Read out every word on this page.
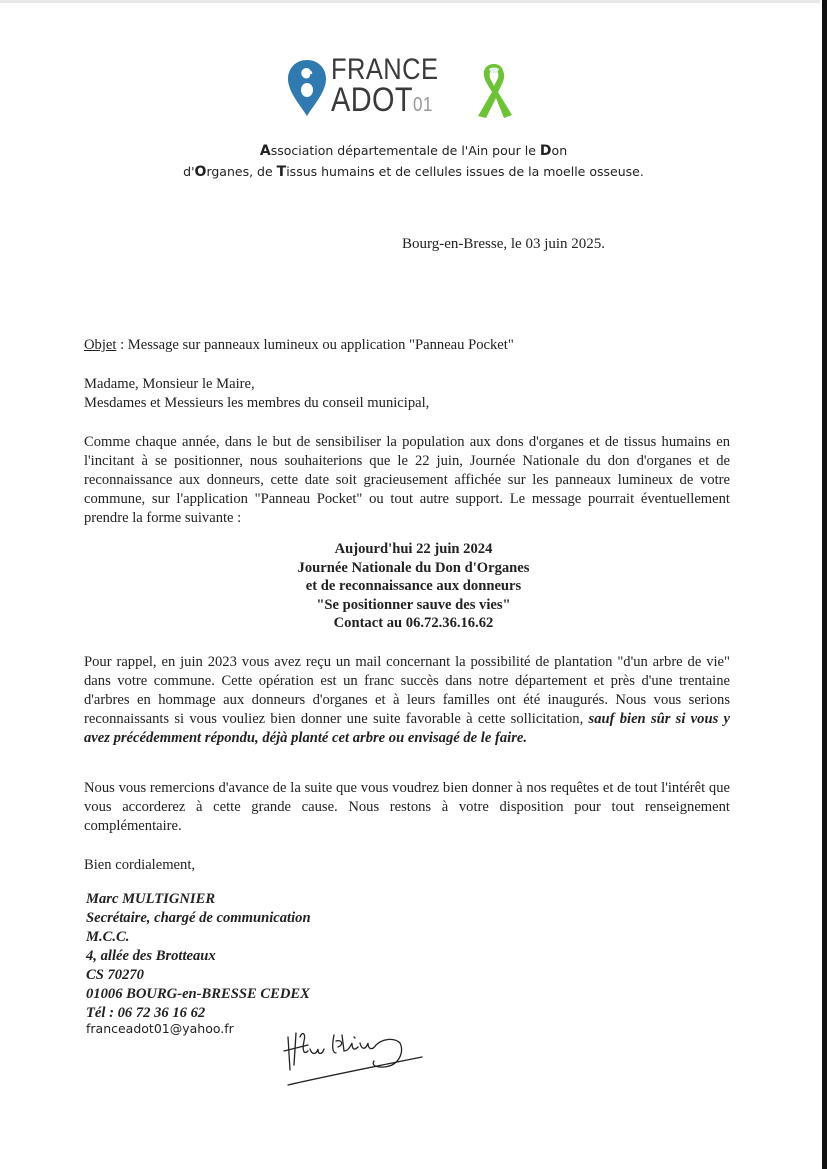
FRANCE
ADOT01
Association départementale de l'Ain pour le Don
d'Organes, de Tissus humains et de cellules issues de la moelle osseuse.
Bourg-en-Bresse, le 03 juin 2025.
Objet : Message sur panneaux lumineux ou application "Panneau Pocket"
Madame, Monsieur le Maire,
Mesdames et Messieurs les membres du conseil municipal,
Comme chaque année, dans le but de sensibiliser la population aux dons d'organes et de tissus humains en l'incitant à se positionner, nous souhaiterions que le 22 juin, Journée Nationale du don d'organes et de reconnaissance aux donneurs, cette date soit gracieusement affichée sur les panneaux lumineux de votre commune, sur l'application "Panneau Pocket" ou tout autre support. Le message pourrait éventuellement prendre la forme suivante :
Aujourd'hui 22 juin 2024
Journée Nationale du Don d'Organes
et de reconnaissance aux donneurs
"Se positionner sauve des vies"
Contact au 06.72.36.16.62
Pour rappel, en juin 2023 vous avez reçu un mail concernant la possibilité de plantation "d'un arbre de vie" dans votre commune. Cette opération est un franc succès dans notre département et près d'une trentaine d'arbres en hommage aux donneurs d'organes et à leurs familles ont été inaugurés. Nous vous serions reconnaissants si vous vouliez bien donner une suite favorable à cette sollicitation, sauf bien sûr si vous y avez précédemment répondu, déjà planté cet arbre ou envisagé de le faire.
Nous vous remercions d'avance de la suite que vous voudrez bien donner à nos requêtes et de tout l'intérêt que vous accorderez à cette grande cause. Nous restons à votre disposition pour tout renseignement complémentaire.
Bien cordialement,
Marc MULTIGNIER
Secrétaire, chargé de communication
M.C.C.
4, allée des Brotteaux
CS 70270
01006 BOURG-en-BRESSE CEDEX
Tél : 06 72 36 16 62
franceadot01@yahoo.fr
